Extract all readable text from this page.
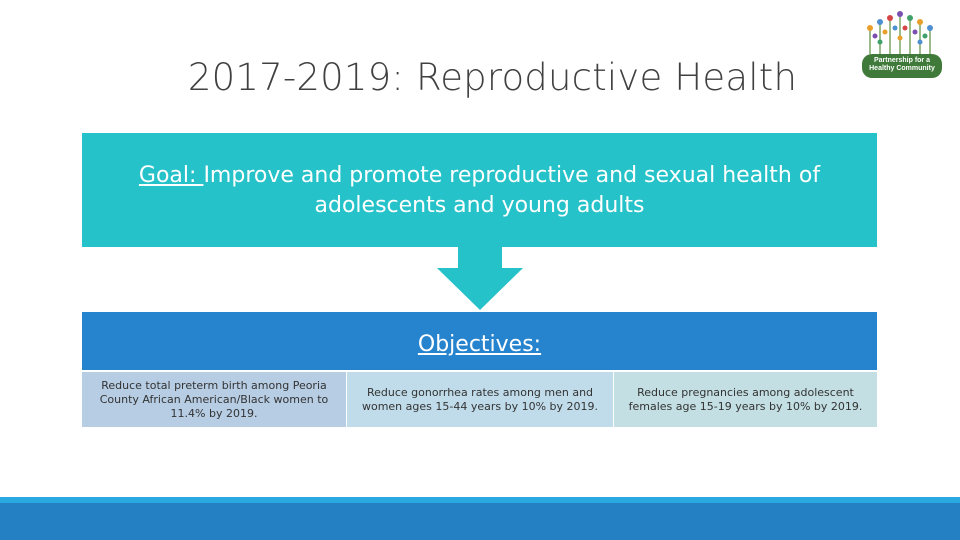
2017-2019: Reproductive Health	Partnership for a
Healthy Community
Goal: Improve and promote reproductive and sexual health of adolescents and young adults
Objectives:
Reduce total preterm birth among Peoria County African American/Black women to 11.4% by 2019.
Reduce gonorrhea rates among men and women ages 15-44 years by 10% by 2019.
Reduce pregnancies among adolescent females age 15-19 years by 10% by 2019.
